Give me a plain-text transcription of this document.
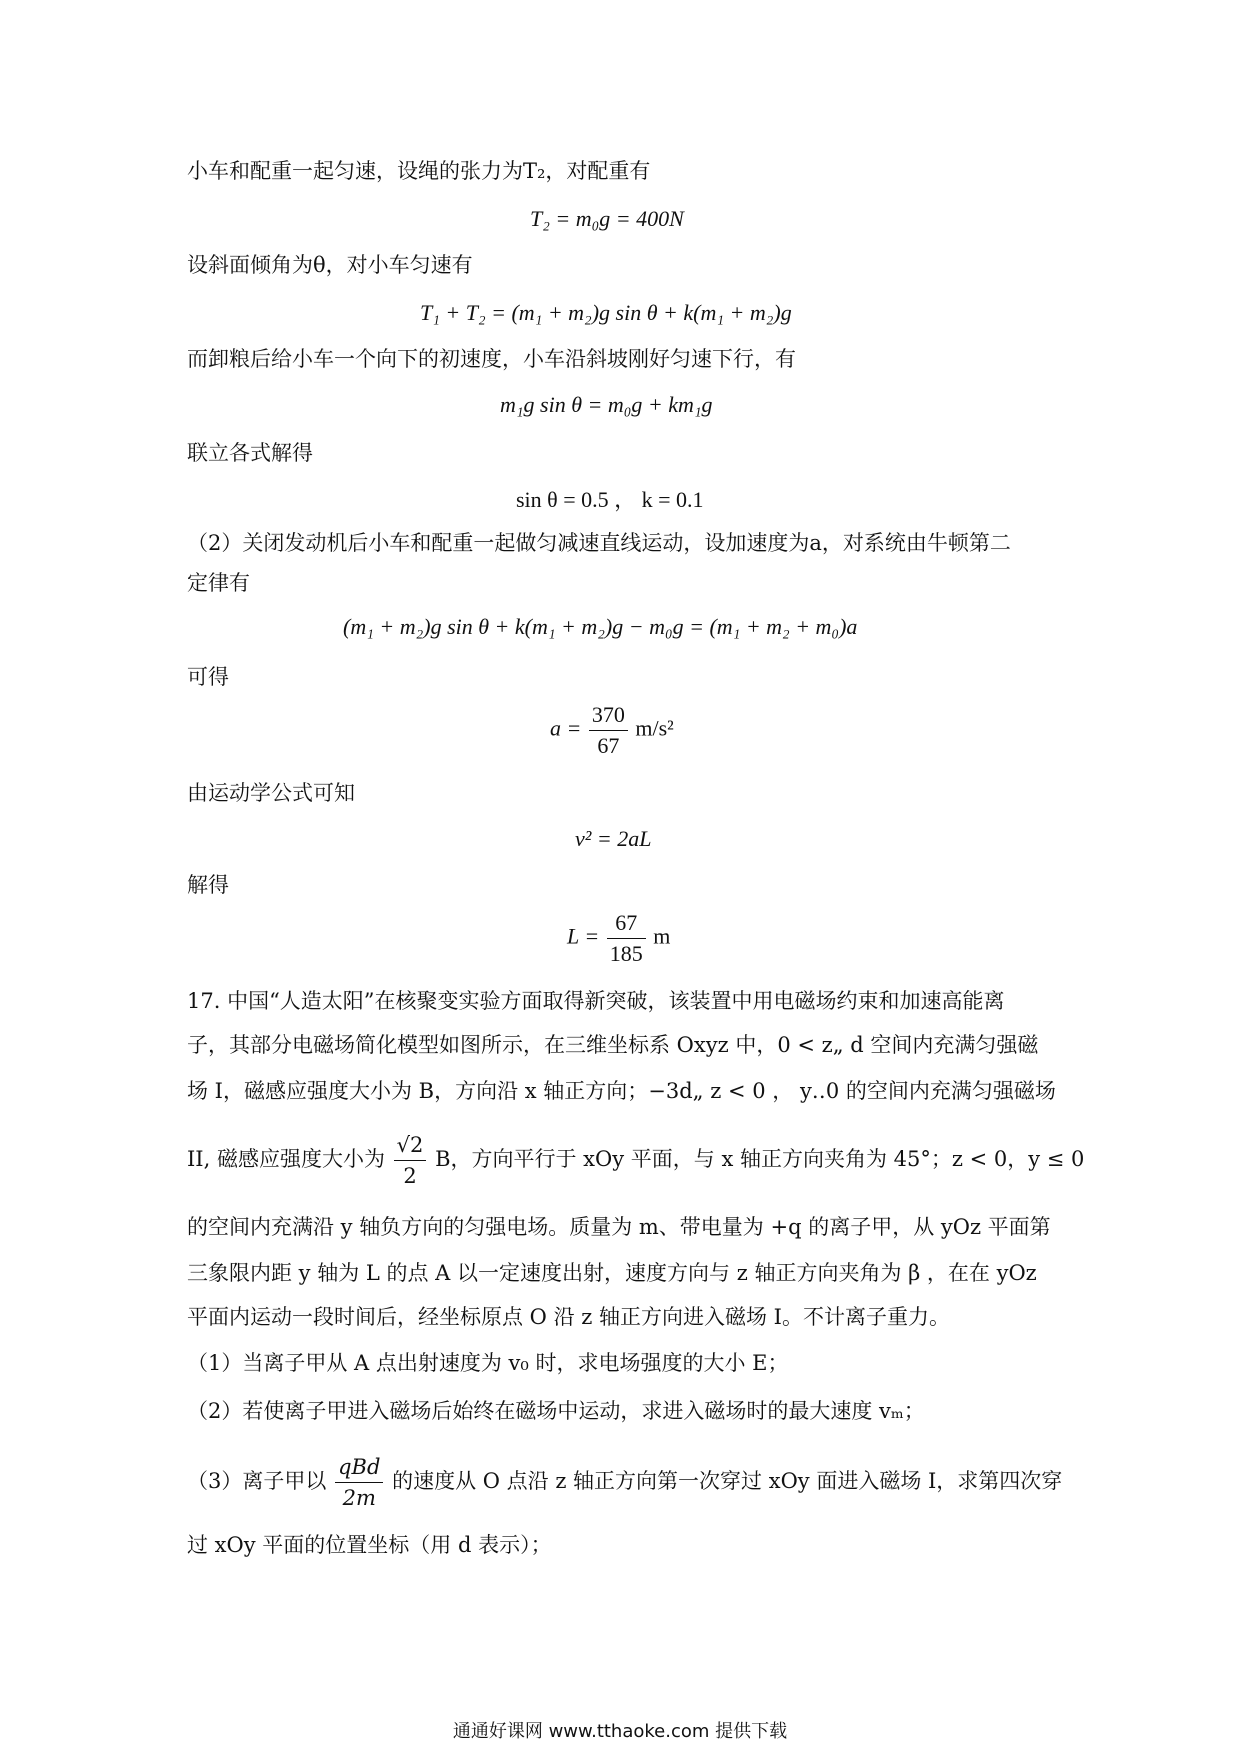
小车和配重一起匀速，设绳的张力为T₂，对配重有
T₂ = m₀g = 400N
设斜面倾角为θ，对小车匀速有
T₁ + T₂ = (m₁ + m₂)g sin θ + k(m₁ + m₂)g
而卸粮后给小车一个向下的初速度，小车沿斜坡刚好匀速下行，有
m₁g sin θ = m₀g + km₁g
联立各式解得
sin θ = 0.5 ， k = 0.1
（2）关闭发动机后小车和配重一起做匀减速直线运动，设加速度为a，对系统由牛顿第二
定律有
(m₁ + m₂)g sin θ + k(m₁ + m₂)g − m₀g = (m₁ + m₂ + m₀)a
可得
$a = \frac{370}{67} m/s^2$
由运动学公式可知
v² = 2aL
解得
$L = \frac{67}{185}$ m
17. 中国“人造太阳”在核聚变实验方面取得新突破，该装置中用电磁场约束和加速高能离
子，其部分电磁场简化模型如图所示，在三维坐标系 Oxyz 中，0 < z„ d 空间内充满匀强磁
场 I，磁感应强度大小为 B，方向沿 x 轴正方向；−3d„ z < 0 ， y‥0 的空间内充满匀强磁场
II, 磁感应强度大小为 $\frac{√2}{2}$ B，方向平行于 xOy 平面，与 x 轴正方向夹角为 45°；z < 0，y ≤ 0
的空间内充满沿 y 轴负方向的匀强电场。质量为 m、带电量为 +q 的离子甲，从 yOz 平面第
三象限内距 y 轴为 L 的点 A 以一定速度出射，速度方向与 z 轴正方向夹角为 β ，在在 yOz
平面内运动一段时间后，经坐标原点 O 沿 z 轴正方向进入磁场 I。不计离子重力。
（1）当离子甲从 A 点出射速度为 v₀ 时，求电场强度的大小 E；
（2）若使离子甲进入磁场后始终在磁场中运动，求进入磁场时的最大速度 vₘ；
（3）离子甲以 $\frac{\text{qBd}}{2m}$ 的速度从 O 点沿 z 轴正方向第一次穿过 xOy 面进入磁场 I，求第四次穿
过 xOy 平面的位置坐标（用 d 表示）；
通通好课网 www.tthaoke.com 提供下载
